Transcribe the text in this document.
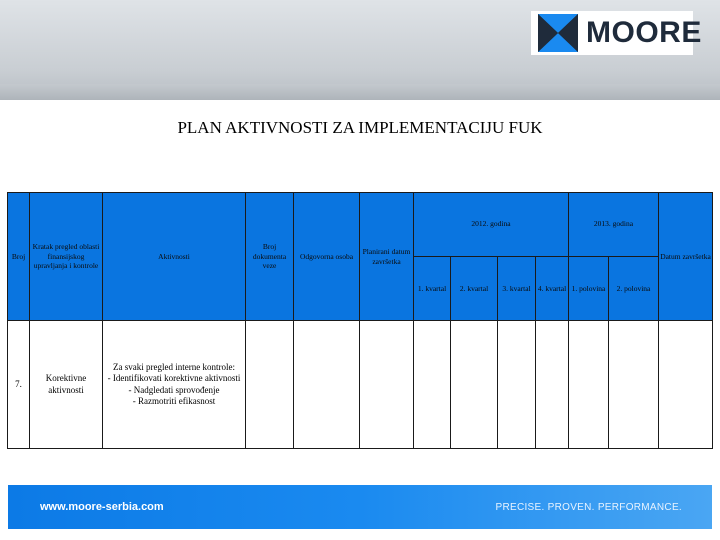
MOORE
PLAN AKTIVNOSTI ZA IMPLEMENTACIJU FUK
Broj	Kratak pregled oblasti finansijskog upravljanja i kontrole	Aktivnosti	Broj dokumenta veze	Odgovorna osoba	Planirani datum završetka	2012. godina				2013. godina		Datum završetka
						1. kvartal	2. kvartal	3. kvartal	4. kvartal	1. polovina	2. polovina	
7.	Korektivne aktivnosti	Za svaki pregled interne kontrole:
- Identifikovati korektivne aktivnosti
- Nadgledati sprovođenje
- Razmotriti efikasnost										

www.moore-serbia.com	PRECISE. PROVEN. PERFORMANCE.
